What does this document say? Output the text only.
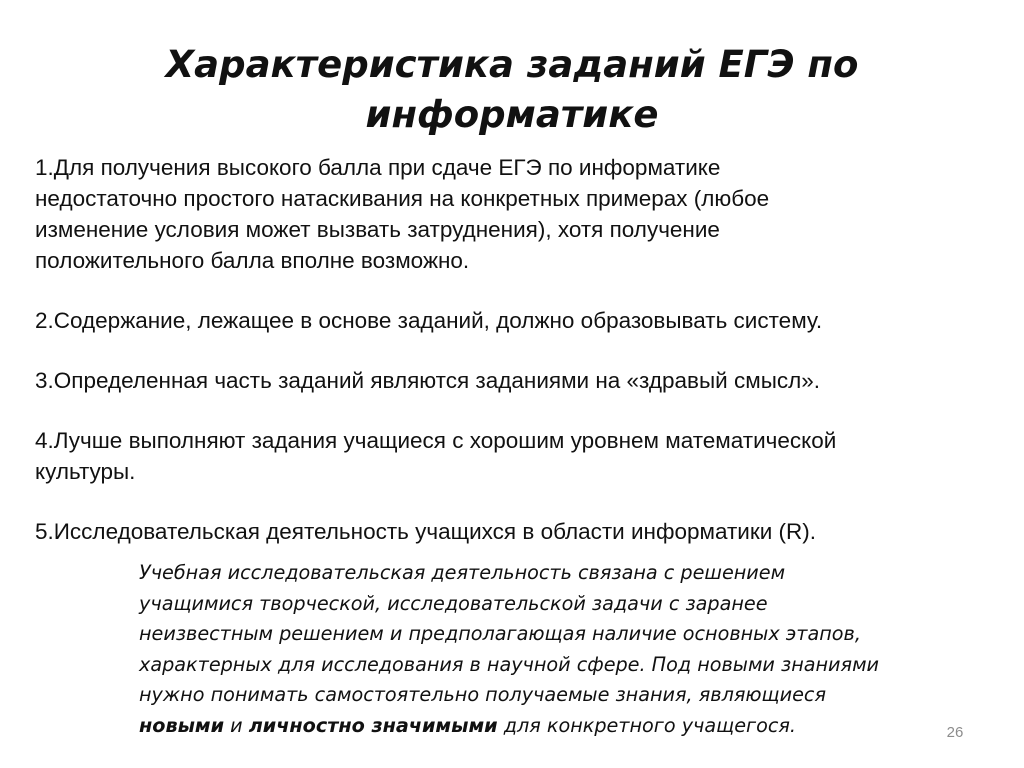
Характеристика заданий ЕГЭ по
информатике
1.Для получения высокого балла при сдаче ЕГЭ по информатике
недостаточно простого натаскивания на конкретных примерах (любое
изменение условия может вызвать затруднения), хотя получение
положительного балла вполне возможно.
2.Содержание, лежащее в основе заданий, должно образовывать систему.
3.Определенная часть заданий являются заданиями на «здравый смысл».
4.Лучше выполняют задания учащиеся с хорошим уровнем математической
культуры.
5.Исследовательская деятельность учащихся в области информатики (R).
Учебная исследовательская деятельность связана с решением
учащимися творческой, исследовательской задачи с заранее
неизвестным решением и предполагающая наличие основных этапов,
характерных для исследования в научной сфере. Под новыми знаниями
нужно понимать самостоятельно получаемые знания, являющиеся
новыми и личностно значимыми для конкретного учащегося.	26
